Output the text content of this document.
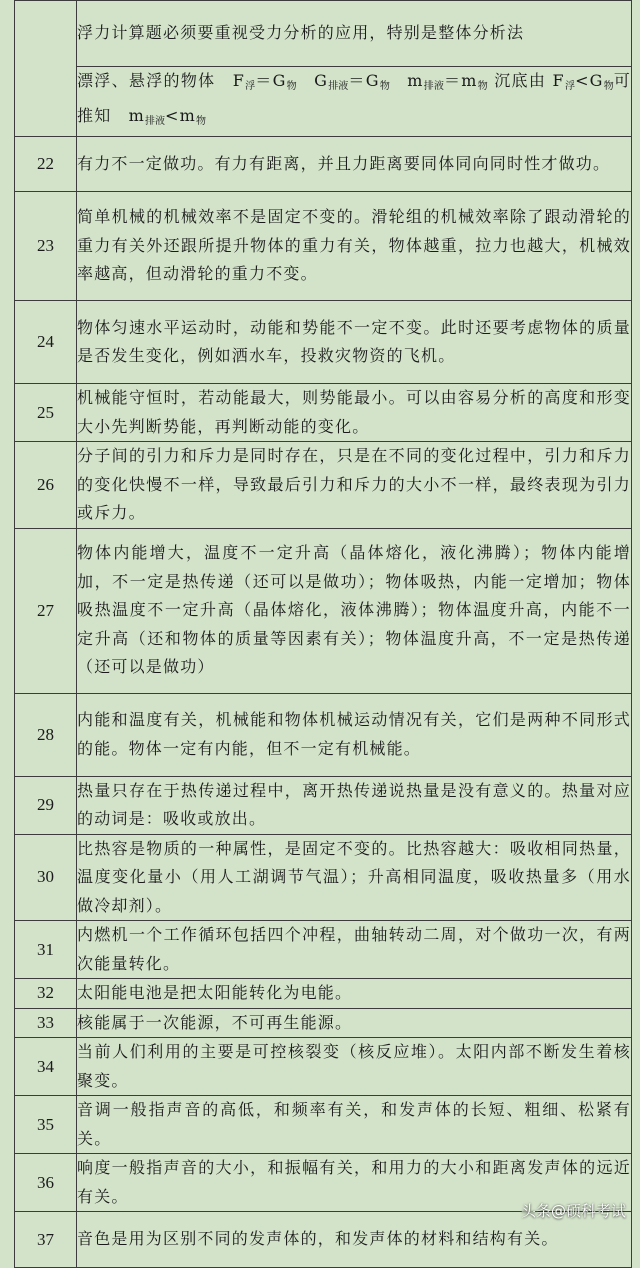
	浮力计算题必须要重视受力分析的应用，特别是整体分析法
	漂浮、悬浮的物体　$F_浮=G_物$　$G_{排液}=G_物$　$m_{排液}=m_物$ 沉底由 $F_浮<G_物$可推知　$m_{排液}<m_物$
22	有力不一定做功。有力有距离，并且力距离要同体同向同时性才做功。
23	简单机械的机械效率不是固定不变的。滑轮组的机械效率除了跟动滑轮的重力有关外还跟所提升物体的重力有关，物体越重，拉力也越大，机械效率越高，但动滑轮的重力不变。
24	物体匀速水平运动时，动能和势能不一定不变。此时还要考虑物体的质量是否发生变化，例如洒水车，投救灾物资的飞机。
25	机械能守恒时，若动能最大，则势能最小。可以由容易分析的高度和形变大小先判断势能，再判断动能的变化。
26	分子间的引力和斥力是同时存在，只是在不同的变化过程中，引力和斥力的变化快慢不一样，导致最后引力和斥力的大小不一样，最终表现为引力或斥力。
27	物体内能增大，温度不一定升高（晶体熔化，液化沸腾）；物体内能增加，不一定是热传递（还可以是做功）；物体吸热，内能一定增加；物体吸热温度不一定升高（晶体熔化，液体沸腾）；物体温度升高，内能不一定升高（还和物体的质量等因素有关）；物体温度升高，不一定是热传递（还可以是做功）
28	内能和温度有关，机械能和物体机械运动情况有关，它们是两种不同形式的能。物体一定有内能，但不一定有机械能。
29	热量只存在于热传递过程中，离开热传递说热量是没有意义的。热量对应的动词是：吸收或放出。
30	比热容是物质的一种属性，是固定不变的。比热容越大：吸收相同热量，温度变化量小（用人工湖调节气温）；升高相同温度，吸收热量多（用水做冷却剂）。
31	内燃机一个工作循环包括四个冲程，曲轴转动二周，对个做功一次，有两次能量转化。
32	太阳能电池是把太阳能转化为电能。
33	核能属于一次能源，不可再生能源。
34	当前人们利用的主要是可控核裂变（核反应堆）。太阳内部不断发生着核聚变。
35	音调一般指声音的高低，和频率有关，和发声体的长短、粗细、松紧有关。
36	响度一般指声音的大小，和振幅有关，和用力的大小和距离发声体的远近有关。
37	音色是用为区别不同的发声体的，和发声体的材料和结构有关。
头条@硕科考试
